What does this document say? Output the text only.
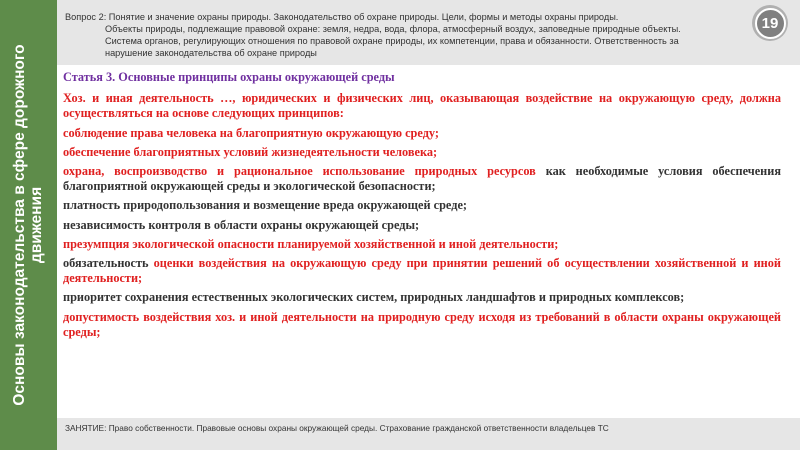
Основы законодательства в сфере дорожного движения
Вопрос 2: Понятие и значение охраны природы. Законодательство об охране природы. Цели, формы и методы охраны природы.
Объекты природы, подлежащие правовой охране: земля, недра, вода, флора, атмосферный воздух, заповедные природные объекты. Система органов, регулирующих отношения по правовой охране природы, их компетенции, права и обязанности. Ответственность за нарушение законодательства об охране природы
19
Статья 3. Основные принципы охраны окружающей среды

Хоз. и иная деятельность …, юридических и физических лиц, оказывающая воздействие на окружающую среду, должна осуществляться на основе следующих принципов:

соблюдение права человека на благоприятную окружающую среду;

обеспечение благоприятных условий жизнедеятельности человека;

охрана, воспроизводство и рациональное использование природных ресурсов как необходимые условия обеспечения благоприятной окружающей среды и экологической безопасности;

платность природопользования и возмещение вреда окружающей среде;

независимость контроля в области охраны окружающей среды;

презумпция экологической опасности планируемой хозяйственной и иной деятельности;

обязательность оценки воздействия на окружающую среду при принятии решений об осуществлении хозяйственной и иной деятельности;

приоритет сохранения естественных экологических систем, природных ландшафтов и природных комплексов;

допустимость воздействия хоз. и иной деятельности на природную среду исходя из требований в области охраны окружающей среды;

ЗАНЯТИЕ: Право собственности. Правовые основы охраны окружающей среды. Страхование гражданской ответственности владельцев ТС
